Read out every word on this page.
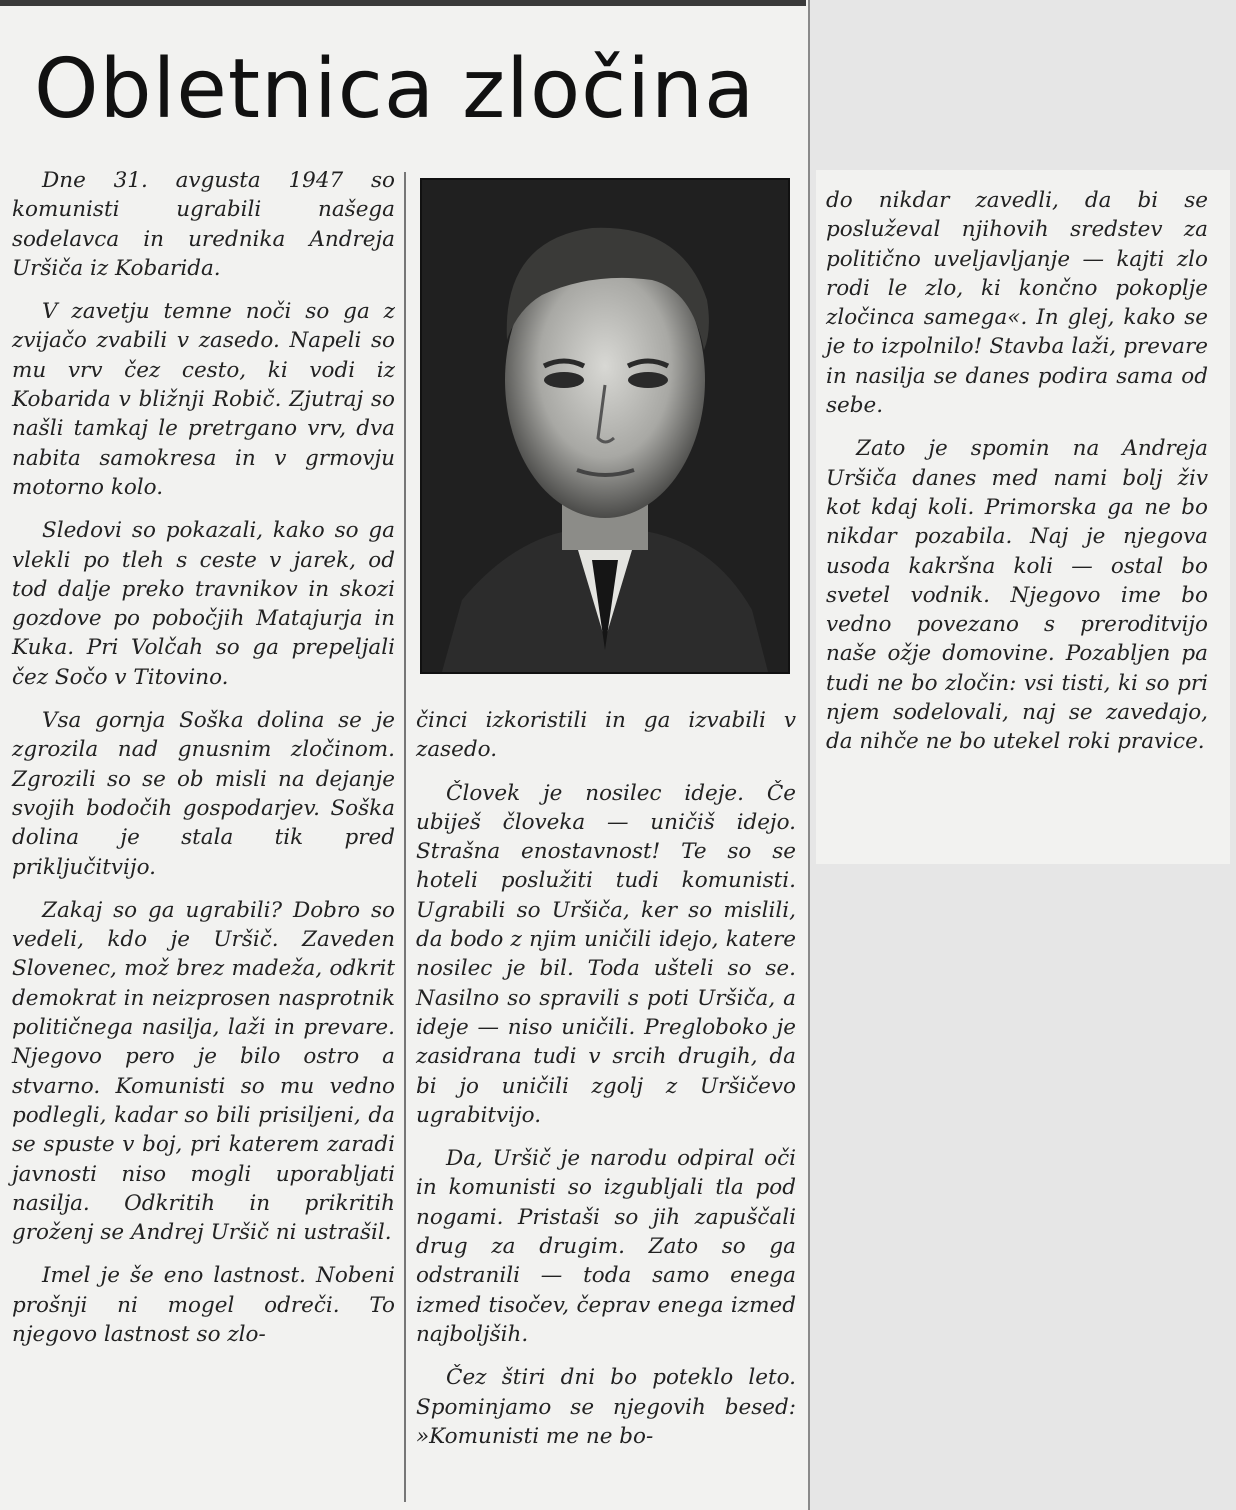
Obletnica zločina

Dne 31. avgusta 1947 so komunisti ugrabili našega sodelavca in urednika Andreja Uršiča iz Kobarida.

V zavetju temne noči so ga z zvijačo zvabili v zasedo. Napeli so mu vrv čez cesto, ki vodi iz Kobarida v bližnji Robič. Zjutraj so našli tamkaj le pretrgano vrv, dva nabita samokresa in v grmovju motorno kolo.

Sledovi so pokazali, kako so ga vlekli po tleh s ceste v jarek, od tod dalje preko travnikov in skozi gozdove po pobočjih Matajurja in Kuka. Pri Volčah so ga prepeljali čez Sočo v Titovino.

Vsa gornja Soška dolina se je zgrozila nad gnusnim zločinom. Zgrozili so se ob misli na dejanje svojih bodočih gospodarjev. Soška dolina je stala tik pred priključitvijo.

Zakaj so ga ugrabili? Dobro so vedeli, kdo je Uršič. Zaveden Slovenec, mož brez madeža, odkrit demokrat in neizprosen nasprotnik političnega nasilja, laži in prevare. Njegovo pero je bilo ostro a stvarno. Komunisti so mu vedno podlegli, kadar so bili prisiljeni, da se spuste v boj, pri katerem zaradi javnosti niso mogli uporabljati nasilja. Odkritih in prikritih groženj se Andrej Uršič ni ustrašil.

Imel je še eno lastnost. Nobeni prošnji ni mogel odreči. To njegovo lastnost so zlo-

činci izkoristili in ga izvabili v zasedo.

Človek je nosilec ideje. Če ubiješ človeka — uničiš idejo. Strašna enostavnost! Te so se hoteli poslužiti tudi komunisti. Ugrabili so Uršiča, ker so mislili, da bodo z njim uničili idejo, katere nosilec je bil. Toda ušteli so se. Nasilno so spravili s poti Uršiča, a ideje — niso uničili. Pregloboko je zasidrana tudi v srcih drugih, da bi jo uničili zgolj z Uršičevo ugrabitvijo.

Da, Uršič je narodu odpiral oči in komunisti so izgubljali tla pod nogami. Pristaši so jih zapuščali drug za drugim. Zato so ga odstranili — toda samo enega izmed tisočev, čeprav enega izmed najboljših.

Čez štiri dni bo poteklo leto. Spominjamo se njegovih besed: »Komunisti me ne bo-

do nikdar zavedli, da bi se posluževal njihovih sredstev za politično uveljavljanje — kajti zlo rodi le zlo, ki končno pokoplje zločinca samega«. In glej, kako se je to izpolnilo! Stavba laži, prevare in nasilja se danes podira sama od sebe.

Zato je spomin na Andreja Uršiča danes med nami bolj živ kot kdaj koli. Primorska ga ne bo nikdar pozabila. Naj je njegova usoda kakršna koli — ostal bo svetel vodnik. Njegovo ime bo vedno povezano s preroditvijo naše ožje domovine. Pozabljen pa tudi ne bo zločin: vsi tisti, ki so pri njem sodelovali, naj se zavedajo, da nihče ne bo utekel roki pravice.
